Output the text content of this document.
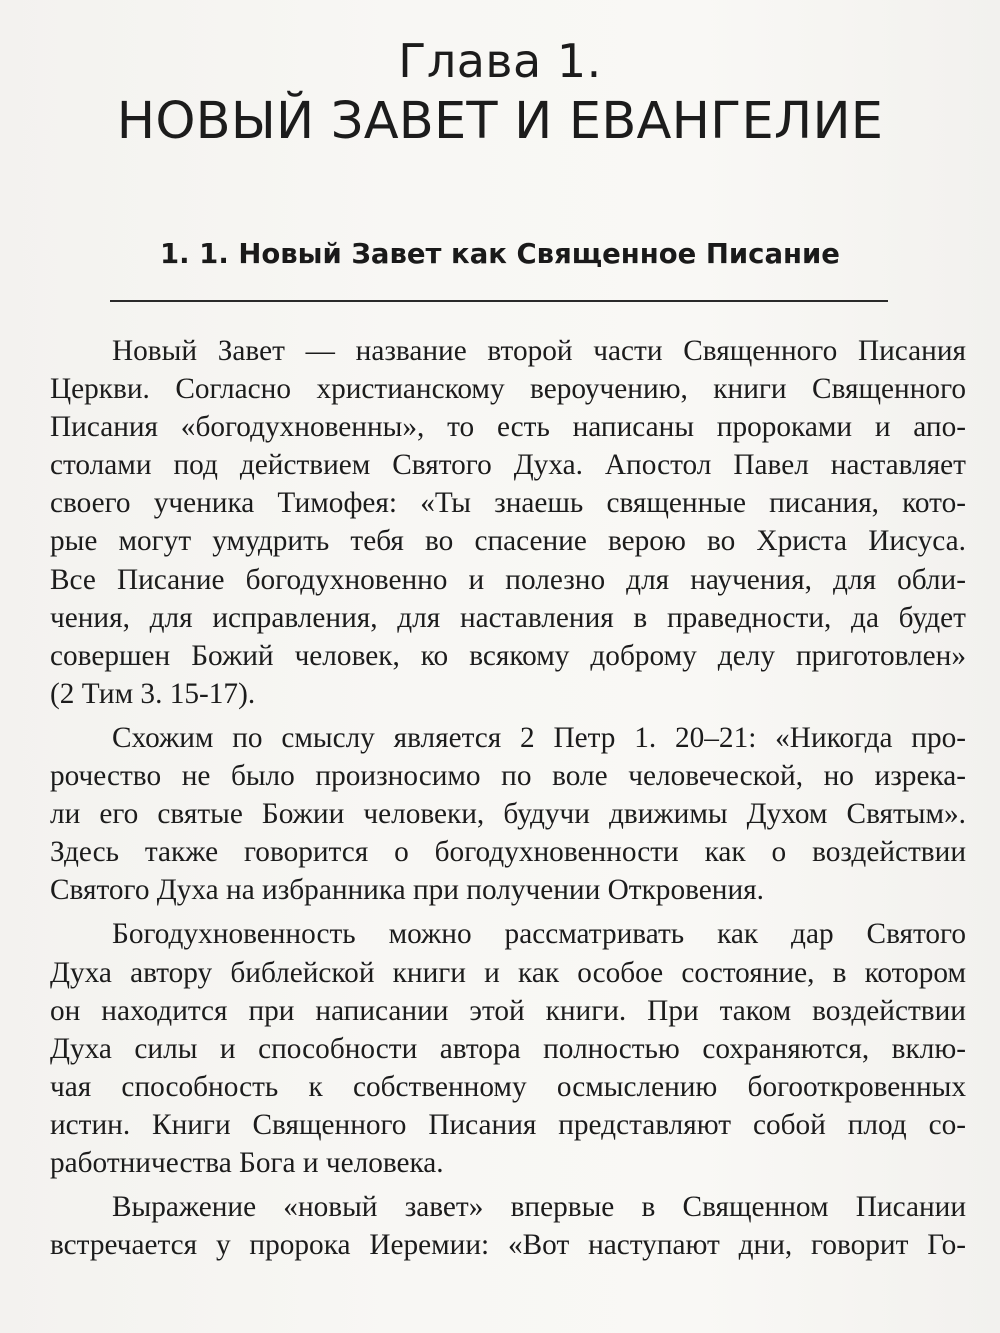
Глава 1.
НОВЫЙ ЗАВЕТ И ЕВАНГЕЛИЕ
1. 1. Новый Завет как Священное Писание
Новый Завет — название второй части Священного Писания
Церкви. Согласно христианскому вероучению, книги Священного
Писания «богодухновенны», то есть написаны пророками и апо-
столами под действием Святого Духа. Апостол Павел наставляет
своего ученика Тимофея: «Ты знаешь священные писания, кото-
рые могут умудрить тебя во спасение верою во Христа Иисуса.
Все Писание богодухновенно и полезно для научения, для обли-
чения, для исправления, для наставления в праведности, да будет
совершен Божий человек, ко всякому доброму делу приготовлен»
(2 Тим 3. 15-17).
Схожим по смыслу является 2 Петр 1. 20–21: «Никогда про-
рочество не было произносимо по воле человеческой, но изрека-
ли его святые Божии человеки, будучи движимы Духом Святым».
Здесь также говорится о богодухновенности как о воздействии
Святого Духа на избранника при получении Откровения.
Богодухновенность можно рассматривать как дар Святого
Духа автору библейской книги и как особое состояние, в котором
он находится при написании этой книги. При таком воздействии
Духа силы и способности автора полностью сохраняются, вклю-
чая способность к собственному осмыслению богооткровенных
истин. Книги Священного Писания представляют собой плод со-
работничества Бога и человека.
Выражение «новый завет» впервые в Священном Писании
встречается у пророка Иеремии: «Вот наступают дни, говорит Го-
